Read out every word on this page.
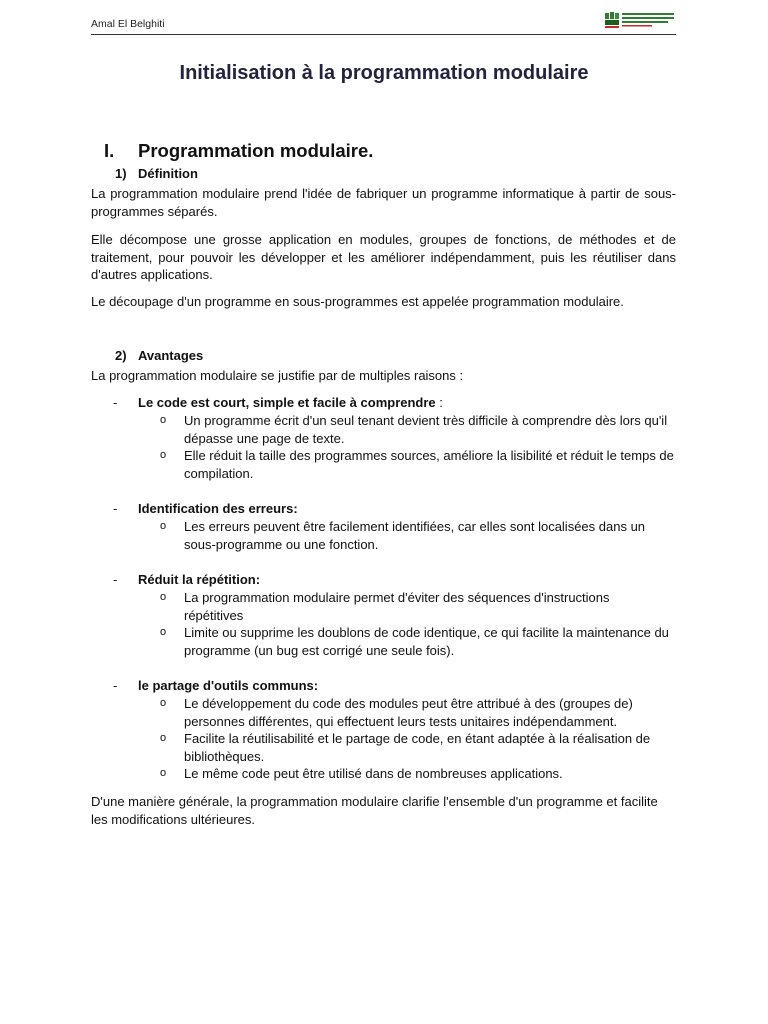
Amal El Belghiti
Initialisation à la programmation modulaire
I. Programmation modulaire.
1) Définition
La programmation modulaire prend l'idée de fabriquer un programme informatique à partir de sous-programmes séparés.
Elle décompose une grosse application en modules, groupes de fonctions, de méthodes et de traitement, pour pouvoir les développer et les améliorer indépendamment, puis les réutiliser dans d'autres applications.
Le découpage d'un programme en sous-programmes est appelée programmation modulaire.
2) Avantages
La programmation modulaire se justifie par de multiples raisons :
- Le code est court, simple et facile à comprendre :
o Un programme écrit d'un seul tenant devient très difficile à comprendre dès lors qu'il dépasse une page de texte.
o Elle réduit la taille des programmes sources, améliore la lisibilité et réduit le temps de compilation.
- Identification des erreurs:
o Les erreurs peuvent être facilement identifiées, car elles sont localisées dans un sous-programme ou une fonction.
- Réduit la répétition:
o La programmation modulaire permet d'éviter des séquences d'instructions répétitives
o Limite ou supprime les doublons de code identique, ce qui facilite la maintenance du programme (un bug est corrigé une seule fois).
- le partage d'outils communs:
o Le développement du code des modules peut être attribué à des (groupes de) personnes différentes, qui effectuent leurs tests unitaires indépendamment.
o Facilite la réutilisabilité et le partage de code, en étant adaptée à la réalisation de bibliothèques.
o Le même code peut être utilisé dans de nombreuses applications.
D'une manière générale, la programmation modulaire clarifie l'ensemble d'un programme et facilite les modifications ultérieures.
